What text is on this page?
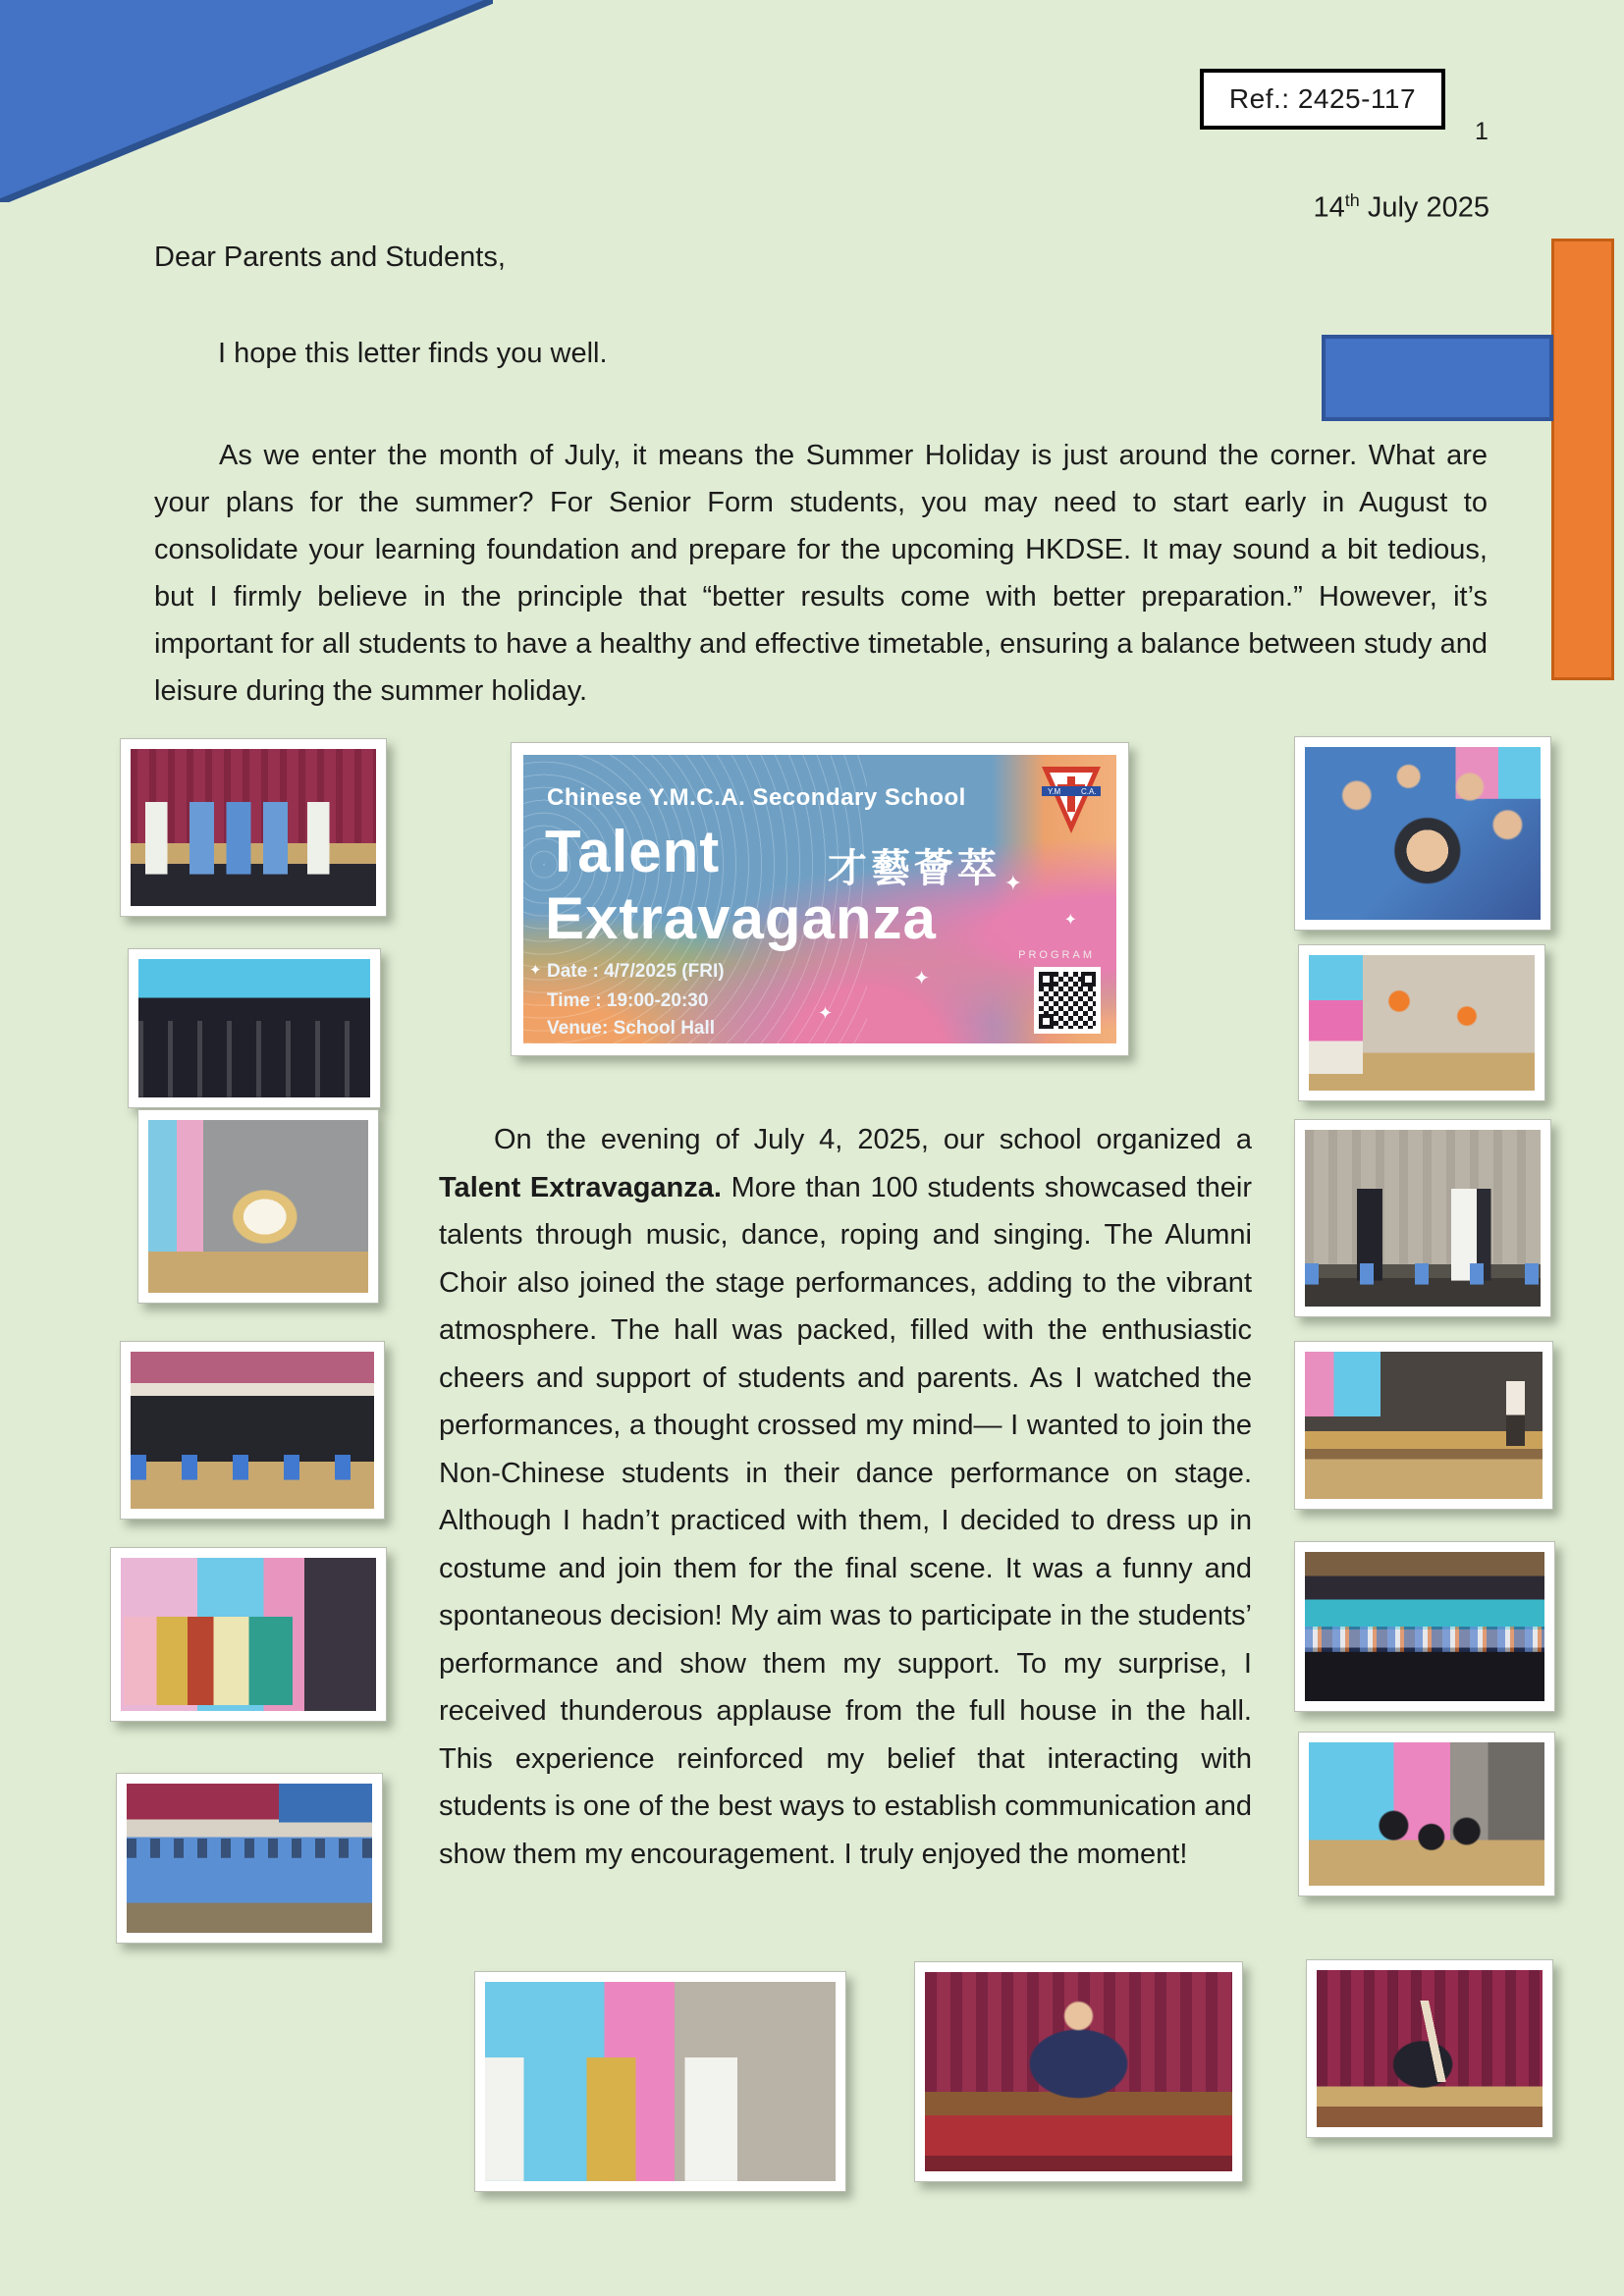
Ref.: 2425-117
1
14th July 2025
Dear Parents and Students,
I hope this letter finds you well.

As we enter the month of July, it means the Summer Holiday is just around the corner. What are your plans for the summer? For Senior Form students, you may need to start early in August to consolidate your learning foundation and prepare for the upcoming HKDSE. It may sound a bit tedious, but I firmly believe in the principle that “better results come with better preparation.” However, it’s important for all students to have a healthy and effective timetable, ensuring a balance between study and leisure during the summer holiday.

On the evening of July 4, 2025, our school organized a Talent Extravaganza. More than 100 students showcased their talents through music, dance, roping and singing. The Alumni Choir also joined the stage performances, adding to the vibrant atmosphere. The hall was packed, filled with the enthusiastic cheers and support of students and parents. As I watched the performances, a thought crossed my mind— I wanted to join the Non-Chinese students in their dance performance on stage. Although I hadn’t practiced with them, I decided to dress up in costume and join them for the final scene. It was a funny and spontaneous decision! My aim was to participate in the students’ performance and show them my support. To my surprise, I received thunderous applause from the full house in the hall. This experience reinforced my belief that interacting with students is one of the best ways to establish communication and show them my encouragement. I truly enjoyed the moment!

Chinese Y.M.C.A. Secondary School
Talent	才藝薈萃
Extravaganza
Date : 4/7/2025 (FRI)
Time : 19:00-20:30
Venue: School Hall
PROGRAM
Y.M	C.A.
✦
✦
✦
✦
✦
